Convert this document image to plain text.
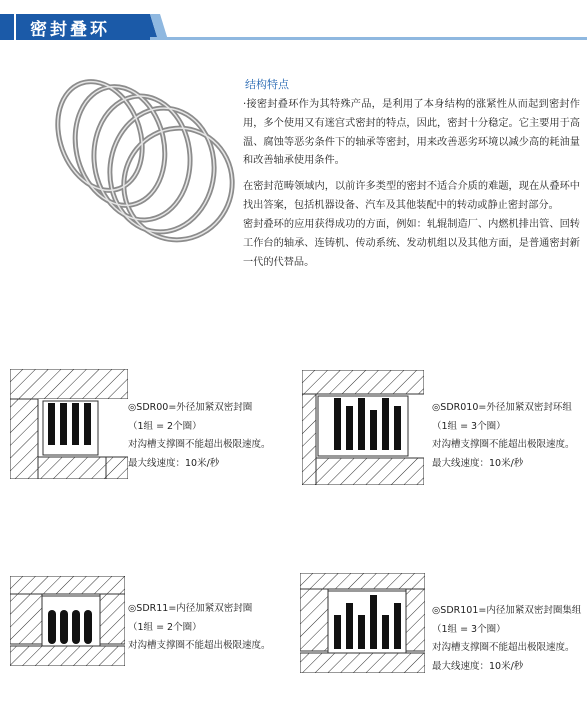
密封叠环
结构特点
·接密封叠环作为其特殊产品，是利用了本身结构的涨紧性从而起到密封作用，多个使用又有迷宫式密封的特点，因此，密封十分稳定。它主要用于高温、腐蚀等恶劣条件下的轴承等密封，用来改善恶劣环境以减少高的耗油量和改善轴承使用条件。
在密封范畴领域内，以前许多类型的密封不适合介质的难题，现在从叠环中找出答案，包括机器设备、汽车及其他装配中的转动或静止密封部分。
密封叠环的应用获得成功的方面，例如：轧辊制造厂、内燃机排出管、回转工作台的轴承、连铸机、传动系统、发动机组以及其他方面，是普通密封新一代的代替品。
◎SDR00=外径加紧双密封圈
（1组 = 2个圈）
对沟槽支撑圈不能超出极限速度。
最大线速度：10米/秒
◎SDR010=外径加紧双密封环组
（1组 = 3个圈）
对沟槽支撑圈不能超出极限速度。
最大线速度：10米/秒
◎SDR11=内径加紧双密封圈
（1组 = 2个圈）
对沟槽支撑圈不能超出极限速度。
◎SDR101=内径加紧双密封圈集组
（1组 = 3个圈）
对沟槽支撑圈不能超出极限速度。
最大线速度：10米/秒
